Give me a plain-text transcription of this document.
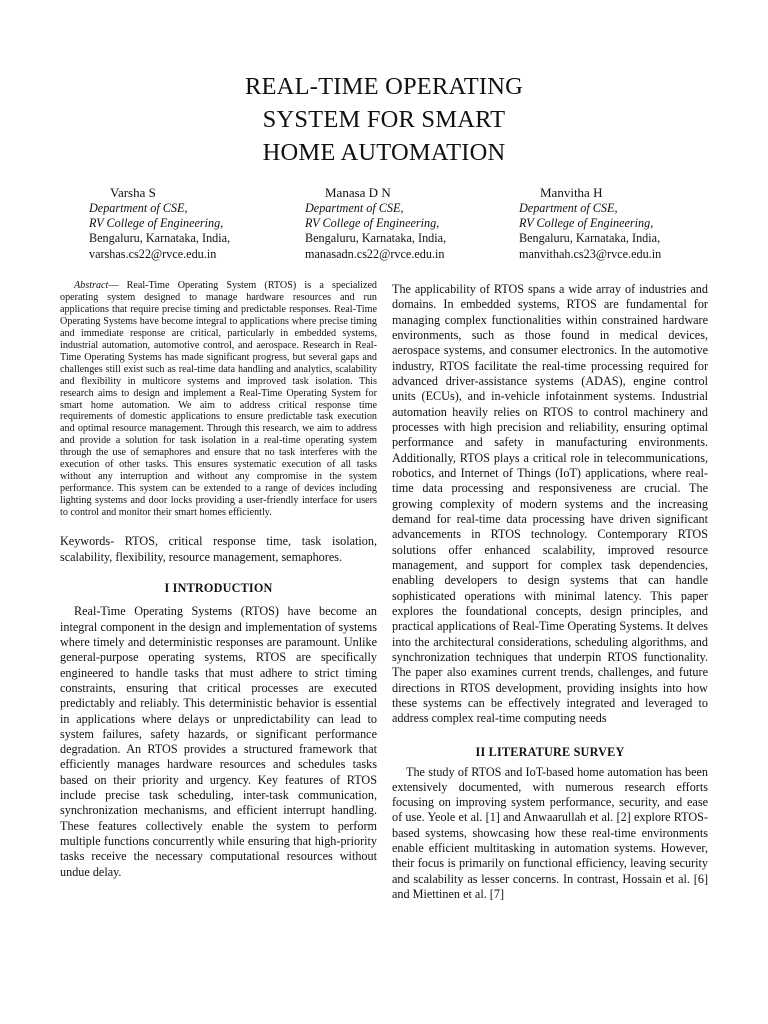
REAL-TIME OPERATING
SYSTEM FOR SMART
HOME AUTOMATION
Varsha S
Department of CSE,
RV College of Engineering,
Bengaluru, Karnataka, India,
varshas.cs22@rvce.edu.in
Manasa D N
Department of CSE,
RV College of Engineering,
Bengaluru, Karnataka, India,
manasadn.cs22@rvce.edu.in
Manvitha H
Department of CSE,
RV College of Engineering,
Bengaluru, Karnataka, India,
manvithah.cs23@rvce.edu.in

Abstract— Real-Time Operating System (RTOS) is a specialized operating system designed to manage hardware resources and run applications that require precise timing and predictable responses. Real-Time Operating Systems have become integral to applications where precise timing and immediate response are critical, particularly in embedded systems, industrial automation, automotive control, and aerospace. Research in Real-Time Operating Systems has made significant progress, but several gaps and challenges still exist such as real-time data handling and analytics, scalability and flexibility in multicore systems and improved task isolation. This research aims to design and implement a Real-Time Operating System for smart home automation. We aim to address critical response time requirements of domestic applications to ensure predictable task execution and optimal resource management. Through this research, we aim to address and provide a solution for task isolation in a real-time operating system through the use of semaphores and ensure that no task interferes with the execution of other tasks. This ensures systematic execution of all tasks without any interruption and without any compromise in the system performance. This system can be extended to a range of devices including lighting systems and door locks providing a user-friendly interface for users to control and monitor their smart homes efficiently.

Keywords- RTOS, critical response time, task isolation, scalability, flexibility, resource management, semaphores.

I INTRODUCTION

Real-Time Operating Systems (RTOS) have become an integral component in the design and implementation of systems where timely and deterministic responses are paramount. Unlike general-purpose operating systems, RTOS are specifically engineered to handle tasks that must adhere to strict timing constraints, ensuring that critical processes are executed predictably and reliably. This deterministic behavior is essential in applications where delays or unpredictability can lead to system failures, safety hazards, or significant performance degradation. An RTOS provides a structured framework that efficiently manages hardware resources and schedules tasks based on their priority and urgency. Key features of RTOS include precise task scheduling, inter-task communication, synchronization mechanisms, and efficient interrupt handling. These features collectively enable the system to perform multiple functions concurrently while ensuring that high-priority tasks receive the necessary computational resources without undue delay.

The applicability of RTOS spans a wide array of industries and domains. In embedded systems, RTOS are fundamental for managing complex functionalities within constrained hardware environments, such as those found in medical devices, aerospace systems, and consumer electronics. In the automotive industry, RTOS facilitate the real-time processing required for advanced driver-assistance systems (ADAS), engine control units (ECUs), and in-vehicle infotainment systems. Industrial automation heavily relies on RTOS to control machinery and processes with high precision and reliability, ensuring optimal performance and safety in manufacturing environments. Additionally, RTOS plays a critical role in telecommunications, robotics, and Internet of Things (IoT) applications, where real-time data processing and responsiveness are crucial. The growing complexity of modern systems and the increasing demand for real-time data processing have driven significant advancements in RTOS technology. Contemporary RTOS solutions offer enhanced scalability, improved resource management, and support for complex task dependencies, enabling developers to design systems that can handle sophisticated operations with minimal latency. This paper explores the foundational concepts, design principles, and practical applications of Real-Time Operating Systems. It delves into the architectural considerations, scheduling algorithms, and synchronization techniques that underpin RTOS functionality. The paper also examines current trends, challenges, and future directions in RTOS development, providing insights into how these systems can be effectively integrated and leveraged to address complex real-time computing needs

II LITERATURE SURVEY

The study of RTOS and IoT-based home automation has been extensively documented, with numerous research efforts focusing on improving system performance, security, and ease of use. Yeole et al. [1] and Anwaarullah et al. [2] explore RTOS-based systems, showcasing how these real-time environments enable efficient multitasking in automation systems. However, their focus is primarily on functional efficiency, leaving security and scalability as lesser concerns. In contrast, Hossain et al. [6] and Miettinen et al. [7]
